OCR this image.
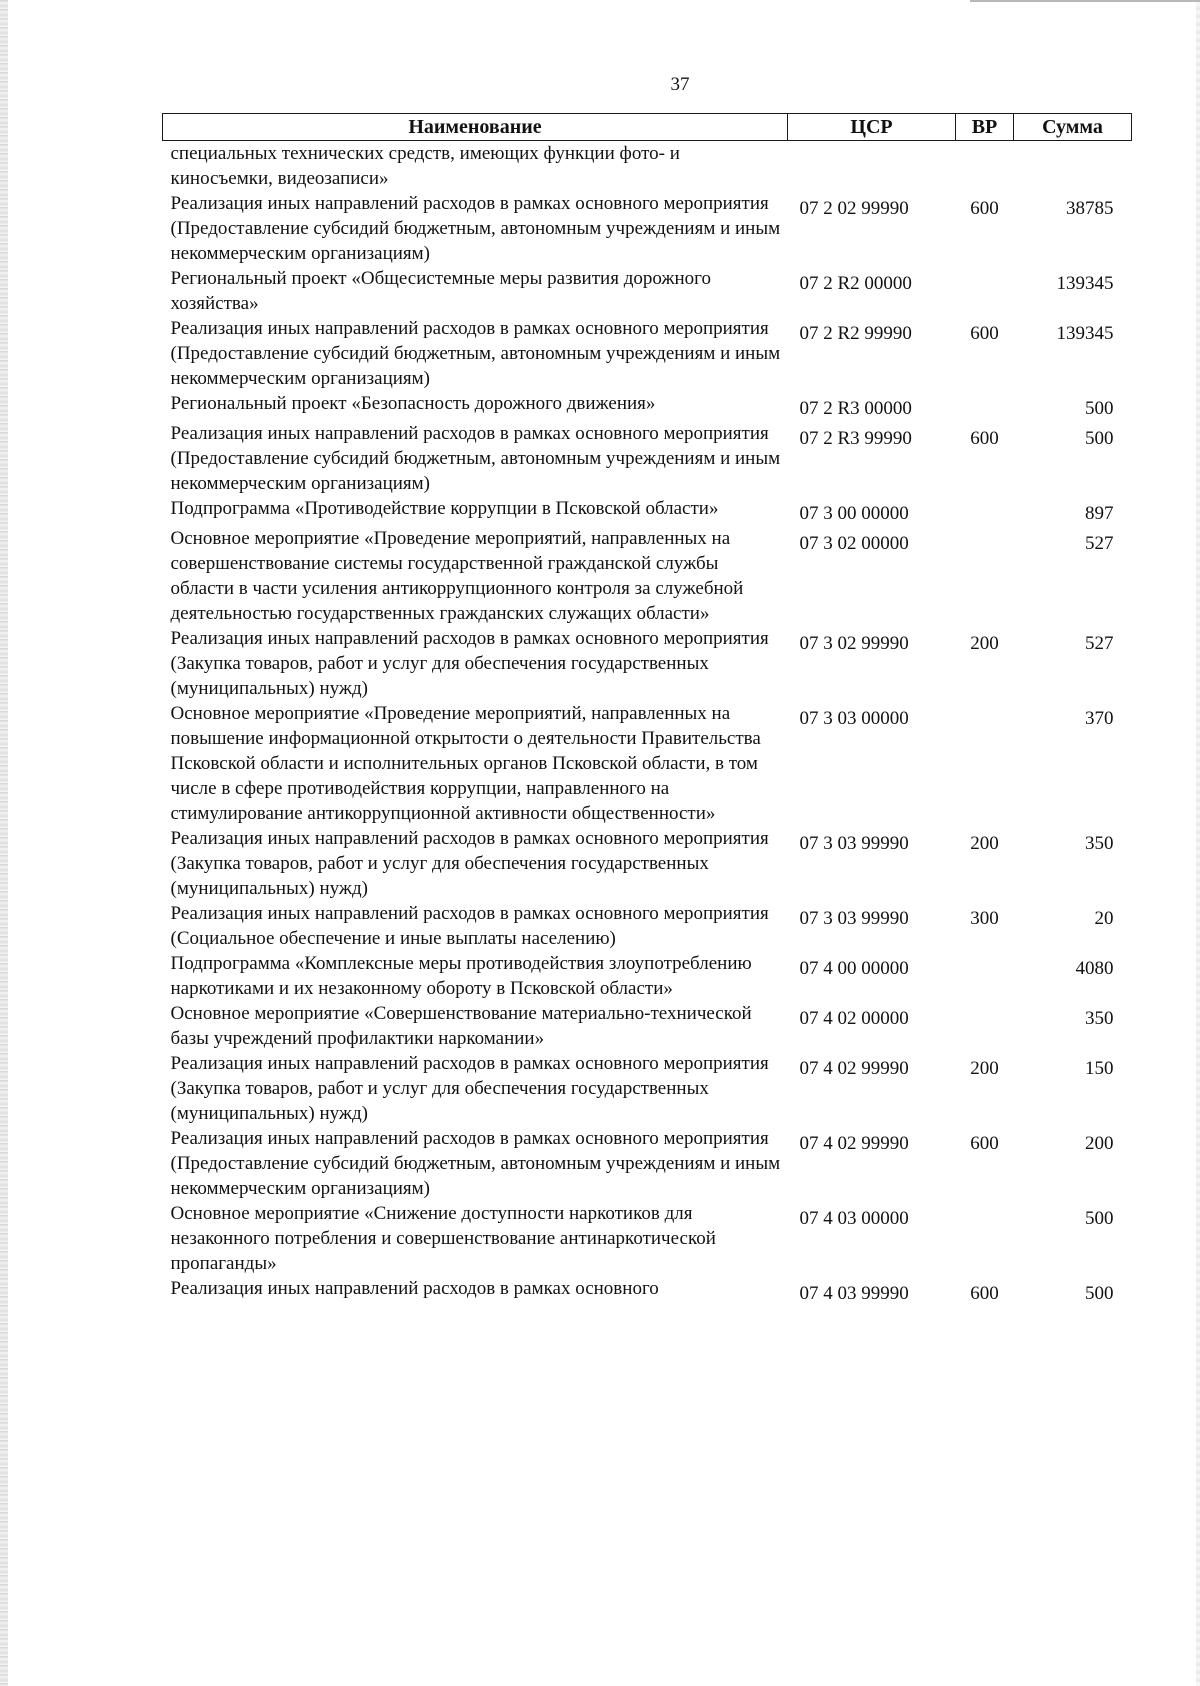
37
Наименование	ЦСР	ВР	Сумма
специальных технических средств, имеющих функции фото- и киносъемки, видеозаписи»			
Реализация иных направлений расходов в рамках основного мероприятия (Предоставление субсидий бюджетным, автономным учреждениям и иным некоммерческим организациям)	07 2 02 99990	600	38785
Региональный проект «Общесистемные меры развития дорожного хозяйства»	07 2 R2 00000		139345
Реализация иных направлений расходов в рамках основного мероприятия (Предоставление субсидий бюджетным, автономным учреждениям и иным некоммерческим организациям)	07 2 R2 99990	600	139345
Региональный проект «Безопасность дорожного движения»	07 2 R3 00000		500
Реализация иных направлений расходов в рамках основного мероприятия (Предоставление субсидий бюджетным, автономным учреждениям и иным некоммерческим организациям)	07 2 R3 99990	600	500
Подпрограмма «Противодействие коррупции в Псковской области»	07 3 00 00000		897
Основное мероприятие «Проведение мероприятий, направленных на совершенствование системы государственной гражданской службы области в части усиления антикоррупционного контроля за служебной деятельностью государственных гражданских служащих области»	07 3 02 00000		527
Реализация иных направлений расходов в рамках основного мероприятия (Закупка товаров, работ и услуг для обеспечения государственных (муниципальных) нужд)	07 3 02 99990	200	527
Основное мероприятие «Проведение мероприятий, направленных на повышение информационной открытости о деятельности Правительства Псковской области и исполнительных органов Псковской области, в том числе в сфере противодействия коррупции, направленного на стимулирование антикоррупционной активности общественности»	07 3 03 00000		370
Реализация иных направлений расходов в рамках основного мероприятия (Закупка товаров, работ и услуг для обеспечения государственных (муниципальных) нужд)	07 3 03 99990	200	350
Реализация иных направлений расходов в рамках основного мероприятия (Социальное обеспечение и иные выплаты населению)	07 3 03 99990	300	20
Подпрограмма «Комплексные меры противодействия злоупотреблению наркотиками и их незаконному обороту в Псковской области»	07 4 00 00000		4080
Основное мероприятие «Совершенствование материально-технической базы учреждений профилактики наркомании»	07 4 02 00000		350
Реализация иных направлений расходов в рамках основного мероприятия (Закупка товаров, работ и услуг для обеспечения государственных (муниципальных) нужд)	07 4 02 99990	200	150
Реализация иных направлений расходов в рамках основного мероприятия (Предоставление субсидий бюджетным, автономным учреждениям и иным некоммерческим организациям)	07 4 02 99990	600	200
Основное мероприятие «Снижение доступности наркотиков для незаконного потребления и совершенствование антинаркотической пропаганды»	07 4 03 00000		500
Реализация иных направлений расходов в рамках основного	07 4 03 99990	600	500
